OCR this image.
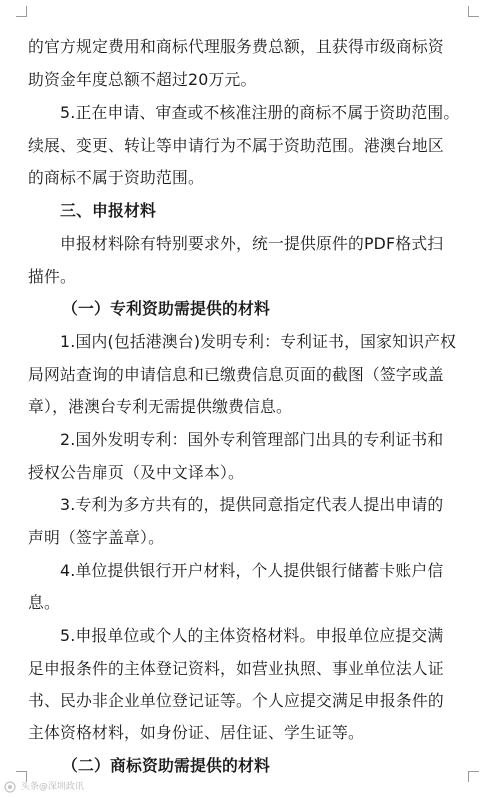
的官方规定费用和商标代理服务费总额，且获得市级商标资
助资金年度总额不超过20万元。
5.正在申请、审查或不核准注册的商标不属于资助范围。
续展、变更、转让等申请行为不属于资助范围。港澳台地区
的商标不属于资助范围。
三、申报材料
申报材料除有特别要求外，统一提供原件的PDF格式扫
描件。
（一）专利资助需提供的材料
1.国内(包括港澳台)发明专利：专利证书，国家知识产权
局网站查询的申请信息和已缴费信息页面的截图（签字或盖
章），港澳台专利无需提供缴费信息。
2.国外发明专利：国外专利管理部门出具的专利证书和
授权公告扉页（及中文译本）。
3.专利为多方共有的，提供同意指定代表人提出申请的
声明（签字盖章）。
4.单位提供银行开户材料，个人提供银行储蓄卡账户信
息。
5.申报单位或个人的主体资格材料。申报单位应提交满
足申报条件的主体登记资料，如营业执照、事业单位法人证
书、民办非企业单位登记证等。个人应提交满足申报条件的
主体资格材料，如身份证、居住证、学生证等。
（二）商标资助需提供的材料
头条@深圳政讯
